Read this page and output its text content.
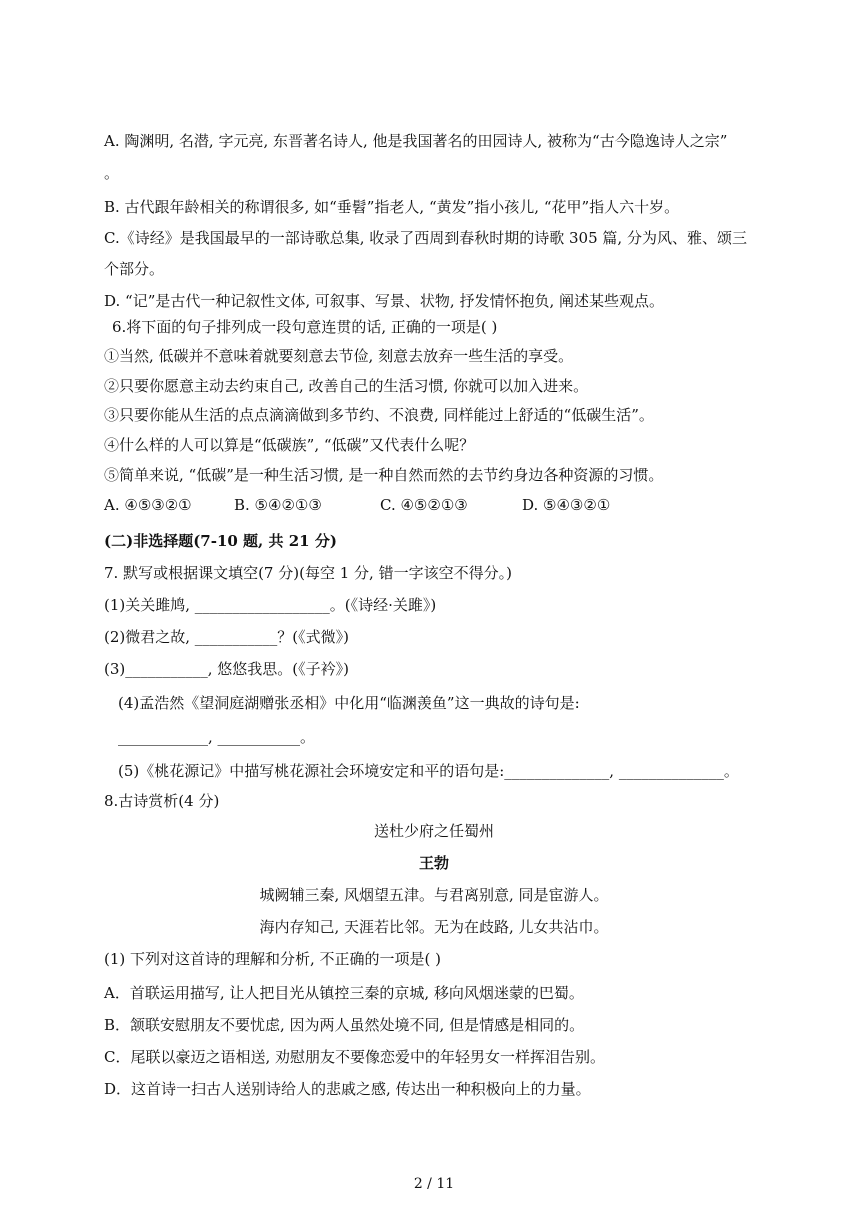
A. 陶渊明, 名潜, 字元亮, 东晋著名诗人, 他是我国著名的田园诗人, 被称为“古今隐逸诗人之宗”
。
B. 古代跟年龄相关的称谓很多, 如“垂髫”指老人, “黄发”指小孩儿, “花甲”指人六十岁。
C.《诗经》是我国最早的一部诗歌总集, 收录了西周到春秋时期的诗歌 305 篇, 分为风、雅、颂三
个部分。
D. “记”是古代一种记叙性文体, 可叙事、写景、状物, 抒发情怀抱负, 阐述某些观点。
6.将下面的句子排列成一段句意连贯的话, 正确的一项是( )
①当然, 低碳并不意味着就要刻意去节俭, 刻意去放弃一些生活的享受。
②只要你愿意主动去约束自己, 改善自己的生活习惯, 你就可以加入进来。
③只要你能从生活的点点滴滴做到多节约、不浪费, 同样能过上舒适的“低碳生活”。
④什么样的人可以算是“低碳族”, “低碳”又代表什么呢？
⑤简单来说, “低碳”是一种生活习惯, 是一种自然而然的去节约身边各种资源的习惯。
A. ④⑤③②①	B. ⑤④②①③	C. ④⑤②①③	D. ⑤④③②①
(二)非选择题(7-10 题, 共 21 分)
7. 默写或根据课文填空(7 分)(每空 1 分, 错一字该空不得分。)
(1)关关雎鸠, __________________。(《诗经·关雎》)
(2)微君之故, ___________？(《式微》)
(3)___________, 悠悠我思。(《子衿》)
(4)孟浩然《望洞庭湖赠张丞相》中化用“临渊羡鱼”这一典故的诗句是:
____________, ___________。
(5)《桃花源记》中描写桃花源社会环境安定和平的语句是:______________, ______________。
8.古诗赏析(4 分)
送杜少府之任蜀州
王勃
城阙辅三秦, 风烟望五津。与君离别意, 同是宦游人。
海内存知己, 天涯若比邻。无为在歧路, 儿女共沾巾。
(1) 下列对这首诗的理解和分析, 不正确的一项是( )
A．首联运用描写, 让人把目光从镇控三秦的京城, 移向风烟迷蒙的巴蜀。
B．颔联安慰朋友不要忧虑, 因为两人虽然处境不同, 但是情感是相同的。
C．尾联以豪迈之语相送, 劝慰朋友不要像恋爱中的年轻男女一样挥泪告别。
D．这首诗一扫古人送别诗给人的悲戚之感, 传达出一种积极向上的力量。
2 / 11
